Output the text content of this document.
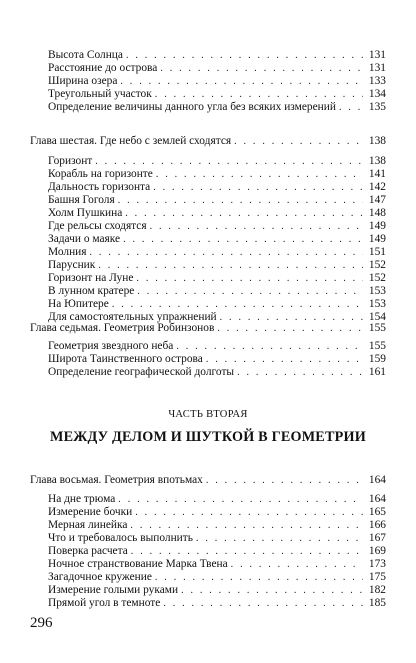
Высота Солнца . . .	131
Расстояние до острова . . .	131
Ширина озера . . .	133
Треугольный участок . . .	134
Определение величины данного угла без всяких измерений . . .	135
Глава шестая. Где небо с землей сходятся . . .	138
Горизонт . . .	138
Корабль на горизонте . . .	141
Дальность горизонта . . .	142
Башня Гоголя . . .	147
Холм Пушкина . . .	148
Где рельсы сходятся . . .	149
Задачи о маяке . . .	149
Молния . . .	151
Парусник . . .	152
Горизонт на Луне . . .	152
В лунном кратере . . .	153
На Юпитере . . .	153
Для самостоятельных упражнений . . .	154
Глава седьмая. Геометрия Робинзонов . . .	155
Геометрия звездного неба . . .	155
Широта Таинственного острова . . .	159
Определение географической долготы . . .	161
ЧАСТЬ ВТОРАЯ
МЕЖДУ ДЕЛОМ И ШУТКОЙ В ГЕОМЕТРИИ
Глава восьмая. Геометрия впотьмах . . .	164
На дне трюма . . .	164
Измерение бочки . . .	165
Мерная линейка . . .	166
Что и требовалось выполнить . . .	167
Поверка расчета . . .	169
Ночное странствование Марка Твена . . .	173
Загадочное кружение . . .	175
Измерение голыми руками . . .	182
Прямой угол в темноте . . .	185
296
